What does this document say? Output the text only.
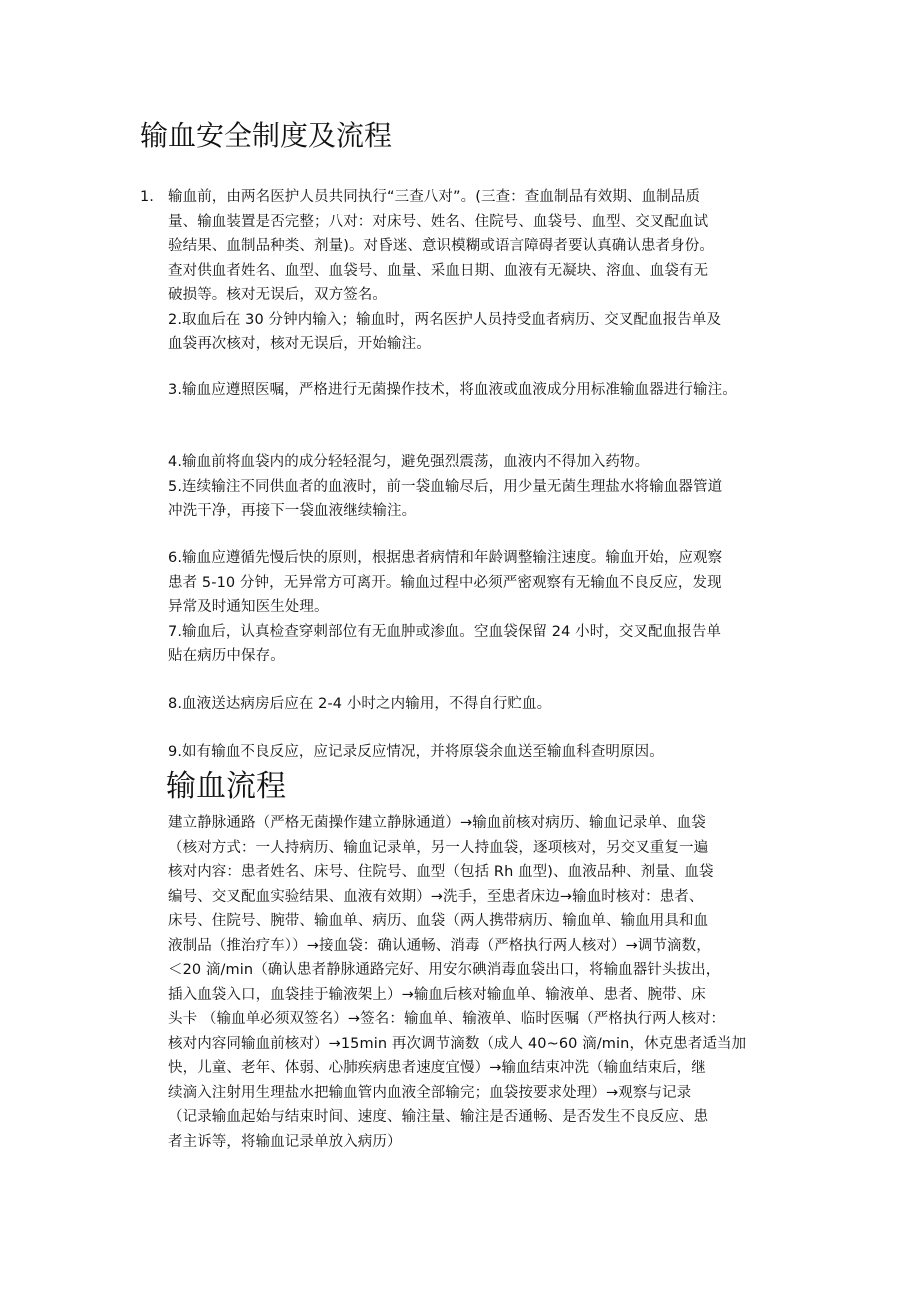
输血安全制度及流程
1. 输血前，由两名医护人员共同执行“三查八对”。(三查：查血制品有效期、血制品质
量、输血装置是否完整；八对：对床号、姓名、住院号、血袋号、血型、交叉配血试
验结果、血制品种类、剂量)。对昏迷、意识模糊或语言障碍者要认真确认患者身份。
查对供血者姓名、血型、血袋号、血量、采血日期、血液有无凝块、溶血、血袋有无
破损等。核对无误后，双方签名。
2.取血后在 30 分钟内输入；输血时，两名医护人员持受血者病历、交叉配血报告单及
血袋再次核对，核对无误后，开始输注。
3.输血应遵照医嘱，严格进行无菌操作技术，将血液或血液成分用标准输血器进行输注。
4.输血前将血袋内的成分轻轻混匀，避免强烈震荡，血液内不得加入药物。
5.连续输注不同供血者的血液时，前一袋血输尽后，用少量无菌生理盐水将输血器管道
冲洗干净，再接下一袋血液继续输注。
6.输血应遵循先慢后快的原则，根据患者病情和年龄调整输注速度。输血开始，应观察
患者 5-10 分钟，无异常方可离开。输血过程中必须严密观察有无输血不良反应，发现
异常及时通知医生处理。
7.输血后，认真检查穿刺部位有无血肿或渗血。空血袋保留 24 小时，交叉配血报告单
贴在病历中保存。
8.血液送达病房后应在 2-4 小时之内输用，不得自行贮血。
9.如有输血不良反应，应记录反应情况，并将原袋余血送至输血科查明原因。
输血流程
建立静脉通路（严格无菌操作建立静脉通道）→输血前核对病历、输血记录单、血袋
（核对方式：一人持病历、输血记录单，另一人持血袋，逐项核对，另交叉重复一遍
核对内容：患者姓名、床号、住院号、血型（包括 Rh 血型)、血液品种、剂量、血袋
编号、交叉配血实验结果、血液有效期）→洗手，至患者床边→输血时核对：患者、
床号、住院号、腕带、输血单、病历、血袋（两人携带病历、输血单、输血用具和血
液制品（推治疗车））→接血袋：确认通畅、消毒（严格执行两人核对）→调节滴数，
＜20 滴/min（确认患者静脉通路完好、用安尔碘消毒血袋出口，将输血器针头拔出，
插入血袋入口，血袋挂于输液架上）→输血后核对输血单、输液单、患者、腕带、床
头卡 （输血单必须双签名）→签名：输血单、输液单、临时医嘱（严格执行两人核对：
核对内容同输血前核对）→15min 再次调节滴数（成人 40~60 滴/min，休克患者适当加
快，儿童、老年、体弱、心肺疾病患者速度宜慢）→输血结束冲洗（输血结束后，继
续滴入注射用生理盐水把输血管内血液全部输完；血袋按要求处理）→观察与记录
（记录输血起始与结束时间、速度、输注量、输注是否通畅、是否发生不良反应、患
者主诉等，将输血记录单放入病历）
